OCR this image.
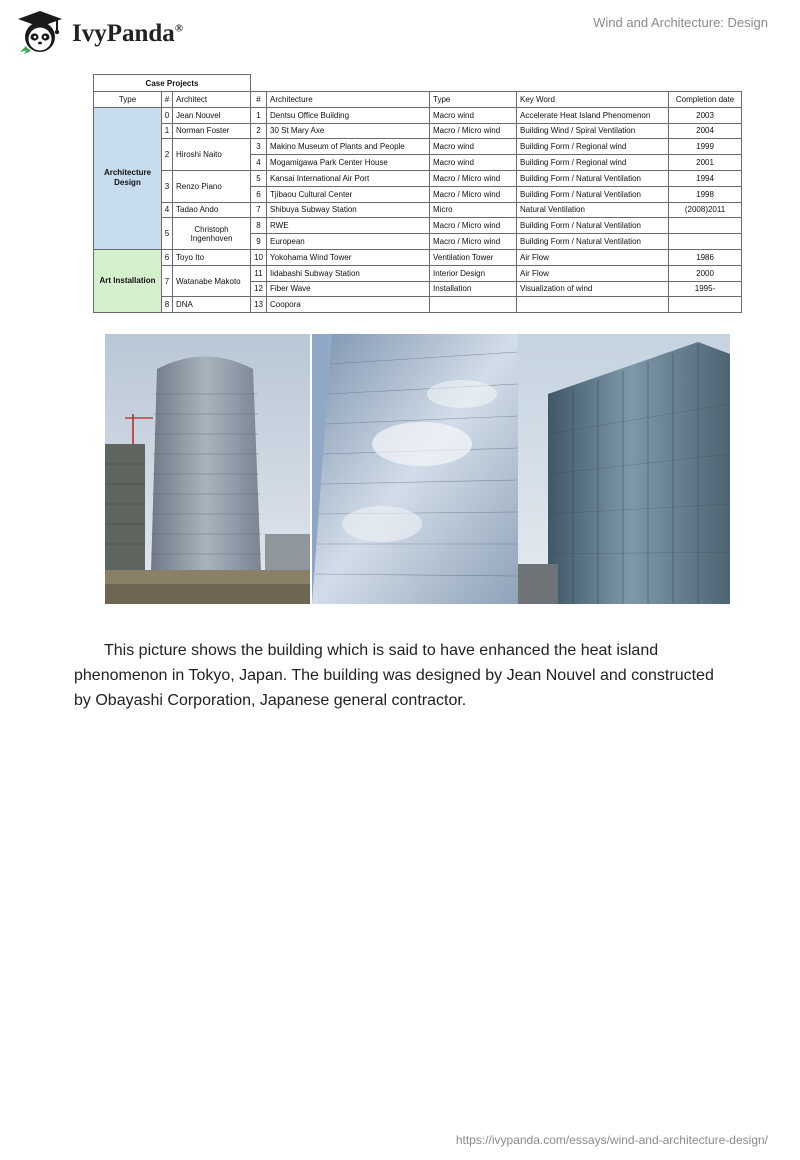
IvyPanda®	Wind and Architecture: Design
Case Projects							
Type	#	Architect	#	Architecture	Type	Key Word	Completion date
Architecture Design	0	Jean Nouvel	1	Dentsu Office Building	Macro wind	Accelerate Heat Island Phenomenon	2003
	1	Norman Foster	2	30 St Mary Axe	Macro / Micro wind	Building Wind / Spiral Ventilation	2004
	2	Hiroshi Naito	3	Makino Museum of Plants and People	Macro wind	Building Form / Regional wind	1999
			4	Mogamigawa Park Center House	Macro wind	Building Form / Regional wind	2001
	3	Renzo Piano	5	Kansai International Air Port	Macro / Micro wind	Building Form / Natural Ventilation	1994
			6	Tjibaou Cultural Center	Macro / Micro wind	Building Form / Natural Ventilation	1998
	4	Tadao Ando	7	Shibuya Subway Station	Micro	Natural Ventilation	(2008)2011
	5	Christoph Ingenhoven	8	RWE	Macro / Micro wind	Building Form / Natural Ventilation	
			9	European	Macro / Micro wind	Building Form / Natural Ventilation	
Art Installation	6	Toyo Ito	10	Yokohama Wind Tower	Ventilation Tower	Air Flow	1986
	7	Watanabe Makoto	11	Iidabashi Subway Station	Interior Design	Air Flow	2000
			12	Fiber Wave	Installation	Visualization of wind	1995-
	8	DNA	13	Coopora			

This picture shows the building which is said to have enhanced the heat island phenomenon in Tokyo, Japan. The building was designed by Jean Nouvel and constructed by Obayashi Corporation, Japanese general contractor.

https://ivypanda.com/essays/wind-and-architecture-design/
